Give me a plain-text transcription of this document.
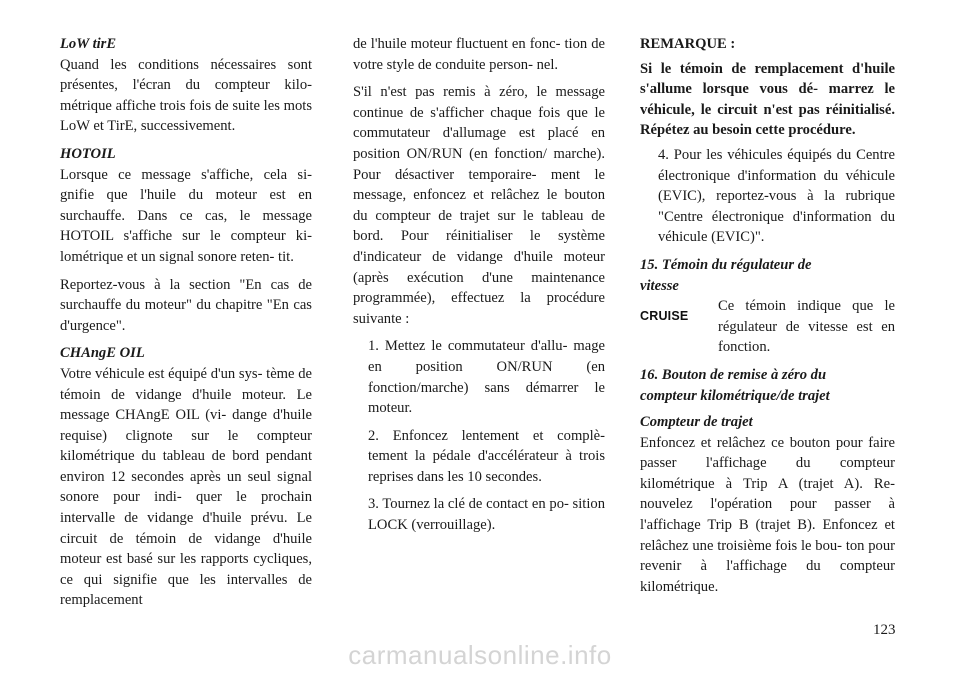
LoW tirE

Quand les conditions nécessaires sont présentes, l'écran du compteur kilo- métrique affiche trois fois de suite les mots LoW et TirE, successivement.

HOTOIL

Lorsque ce message s'affiche, cela si- gnifie que l'huile du moteur est en surchauffe. Dans ce cas, le message HOTOIL s'affiche sur le compteur ki- lométrique et un signal sonore reten- tit.

Reportez-vous à la section "En cas de surchauffe du moteur" du chapitre "En cas d'urgence".

CHAngE OIL

Votre véhicule est équipé d'un sys- tème de témoin de vidange d'huile moteur. Le message CHAngE OIL (vi- dange d'huile requise) clignote sur le compteur kilométrique du tableau de bord pendant environ 12 secondes après un seul signal sonore pour indi- quer le prochain intervalle de vidange d'huile prévu. Le circuit de témoin de vidange d'huile moteur est basé sur les rapports cycliques, ce qui signifie que les intervalles de remplacement

de l'huile moteur fluctuent en fonc- tion de votre style de conduite person- nel.

S'il n'est pas remis à zéro, le message continue de s'afficher chaque fois que le commutateur d'allumage est placé en position ON/RUN (en fonction/ marche). Pour désactiver temporaire- ment le message, enfoncez et relâchez le bouton du compteur de trajet sur le tableau de bord. Pour réinitialiser le système d'indicateur de vidange d'huile moteur (après exécution d'une maintenance programmée), effectuez la procédure suivante :

1. Mettez le commutateur d'allu- mage en position ON/RUN (en fonction/marche) sans démarrer le moteur.

2. Enfoncez lentement et complè- tement la pédale d'accélérateur à trois reprises dans les 10 secondes.

3. Tournez la clé de contact en po- sition LOCK (verrouillage).

REMARQUE :

Si le témoin de remplacement d'huile s'allume lorsque vous dé- marrez le véhicule, le circuit n'est pas réinitialisé. Répétez au besoin cette procédure.

4. Pour les véhicules équipés du Centre électronique d'information du véhicule (EVIC), reportez-vous à la rubrique "Centre électronique d'information du véhicule (EVIC)".

15. Témoin du régulateur de
vitesse

CRUISE
Ce témoin indique que le régulateur de vitesse est en fonction.

16. Bouton de remise à zéro du
compteur kilométrique/de trajet

Compteur de trajet

Enfoncez et relâchez ce bouton pour faire passer l'affichage du compteur kilométrique à Trip A (trajet A). Re- nouvelez l'opération pour passer à l'affichage Trip B (trajet B). Enfoncez et relâchez une troisième fois le bou- ton pour revenir à l'affichage du compteur kilométrique.

123
carmanualsonline.info
